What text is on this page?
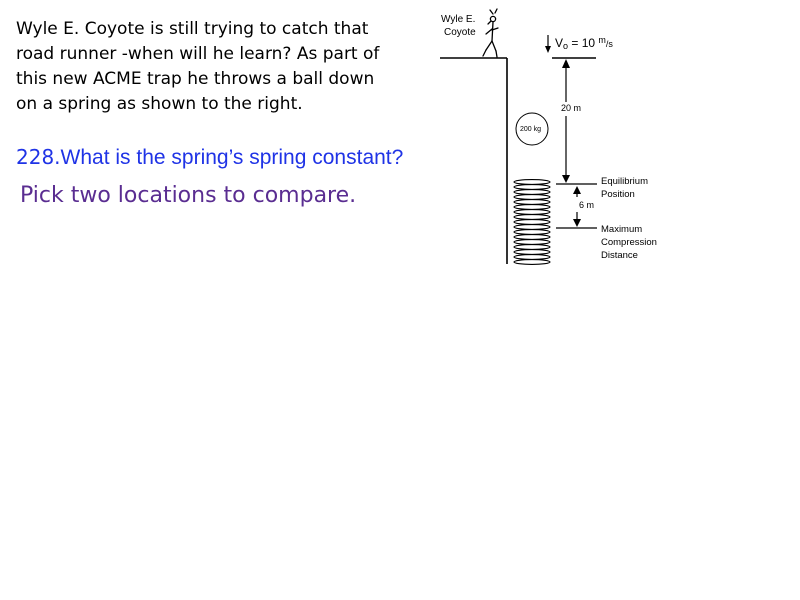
Wyle E. Coyote is still trying to catch that
road runner -when will he learn? As part of
this new ACME trap he throws a ball down
on a spring as shown to the right.
228.What is the spring’s spring constant?
Pick two locations to compare.
Wyle E.
Coyote
Vo = 10 $^m_{/s}$
20 m
200 kg
Equilibrium
Position
6 m
Maximum
Compression
Distance
